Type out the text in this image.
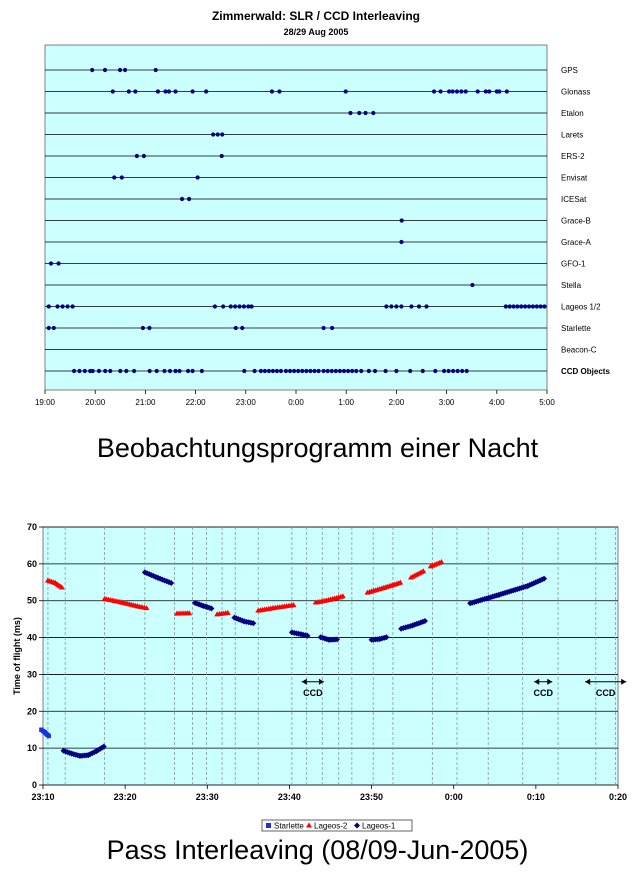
Zimmerwald: SLR / CCD Interleaving
28/29 Aug 2005
GPS
Glonass
Etalon
Larets
ERS-2
Envisat
ICESat
Grace-B
Grace-A
GFO-1
Stella
Lageos 1/2
Starlette
Beacon-C
CCD Objects
19:00	20:00	21:00	22:00	23:00	0:00	1:00	2:00	3:00	4:00	5:00
CCD	CCD	CCD
0
10
20
30
40
50
60
70
23:10	23:20	23:30	23:40	23:50	0:00	0:10	0:20
Time of flight (ms)
Starlette Lageos-2 Lageos-1
Beobachtungsprogramm einer Nacht
Pass Interleaving (08/09-Jun-2005)
